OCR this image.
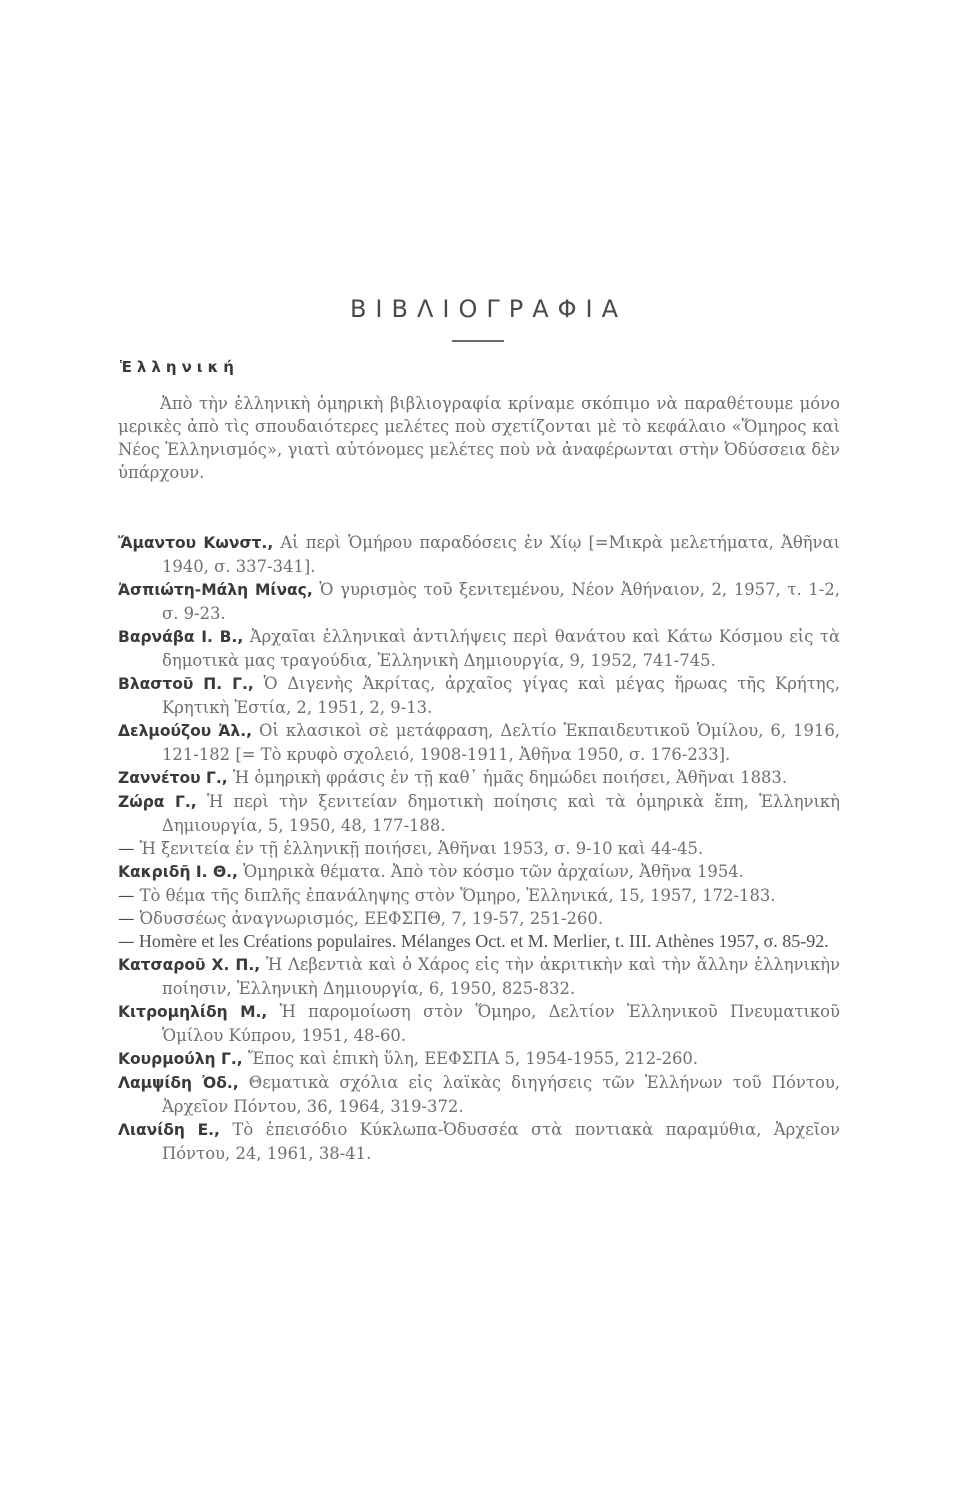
ΒΙΒΛΙΟΓΡΑΦΙΑ
Ἑλληνική
Ἀπὸ τὴν ἑλληνικὴ ὁμηρικὴ βιβλιογραφία κρίναμε σκόπιμο νὰ παραθέτουμε μόνο μερικὲς ἀπὸ τὶς σπουδαιότερες μελέτες ποὺ σχετίζονται μὲ τὸ κεφάλαιο «Ὅμηρος καὶ Νέος Ἑλληνισμός», γιατὶ αὐτόνομες μελέτες ποὺ νὰ ἀναφέρωνται στὴν Ὀδύσσεια δὲν ὑπάρχουν.
Ἄμαντου Κωνστ., Αἱ περὶ Ὁμήρου παραδόσεις ἐν Χίῳ [=Μικρὰ μελετήματα, Ἀθῆναι 1940, σ. 337-341].
Ἀσπιώτη-Μάλη Μίνας, Ὁ γυρισμὸς τοῦ ξενιτεμένου, Νέον Ἀθήναιον, 2, 1957, τ. 1-2, σ. 9-23.
Βαρνάβα Ι. Β., Ἀρχαῖαι ἑλληνικαὶ ἀντιλήψεις περὶ θανάτου καὶ Κάτω Κόσμου εἰς τὰ δημοτικὰ μας τραγούδια, Ἑλληνικὴ Δημιουργία, 9, 1952, 741-745.
Βλαστοῦ Π. Γ., Ὁ Διγενὴς Ἀκρίτας, ἀρχαῖος γίγας καὶ μέγας ἥρωας τῆς Κρήτης, Κρητικὴ Ἑστία, 2, 1951, 2, 9-13.
Δελμούζου Ἀλ., Οἱ κλασικοὶ σὲ μετάφραση, Δελτίο Ἐκπαιδευτικοῦ Ὁμίλου, 6, 1916, 121-182 [= Τὸ κρυφὸ σχολειό, 1908-1911, Ἀθῆνα 1950, σ. 176-233].
Ζαννέτου Γ., Ἡ ὁμηρικὴ φράσις ἐν τῇ καθ᾿ ἡμᾶς δημώδει ποιήσει, Ἀθῆναι 1883.
Ζώρα Γ., Ἡ περὶ τὴν ξενιτείαν δημοτικὴ ποίησις καὶ τὰ ὁμηρικὰ ἔπη, Ἑλληνικὴ Δημιουργία, 5, 1950, 48, 177-188.
— Ἡ ξενιτεία ἐν τῇ ἑλληνικῇ ποιήσει, Ἀθῆναι 1953, σ. 9-10 καὶ 44-45.
Κακριδῆ Ι. Θ., Ὁμηρικὰ θέματα. Ἀπὸ τὸν κόσμο τῶν ἀρχαίων, Ἀθῆνα 1954.
— Τὸ θέμα τῆς διπλῆς ἐπανάληψης στὸν Ὅμηρο, Ἑλληνικά, 15, 1957, 172-183.
— Ὀδυσσέως ἀναγνωρισμός, ΕΕΦΣΠΘ, 7, 19-57, 251-260.
— Homère et les Créations populaires. Mélanges Oct. et M. Merlier, t. III. Athènes 1957, σ. 85-92.
Κατσαροῦ Χ. Π., Ἡ Λεβεντιὰ καὶ ὁ Χάρος εἰς τὴν ἀκριτικὴν καὶ τὴν ἄλλην ἑλληνικὴν ποίησιν, Ἑλληνικὴ Δημιουργία, 6, 1950, 825-832.
Κιτρομηλίδη Μ., Ἡ παρομοίωση στὸν Ὅμηρο, Δελτίον Ἑλληνικοῦ Πνευματικοῦ Ὁμίλου Κύπρου, 1951, 48-60.
Κουρμούλη Γ., Ἔπος καὶ ἐπικὴ ὕλη, ΕΕΦΣΠΑ 5, 1954-1955, 212-260.
Λαμψίδη Ὀδ., Θεματικὰ σχόλια εἰς λαϊκὰς διηγήσεις τῶν Ἑλλήνων τοῦ Πόντου, Ἀρχεῖον Πόντου, 36, 1964, 319-372.
Λιανίδη Ε., Τὸ ἐπεισόδιο Κύκλωπα-Ὀδυσσέα στὰ ποντιακὰ παραμύθια, Ἀρχεῖον Πόντου, 24, 1961, 38-41.
